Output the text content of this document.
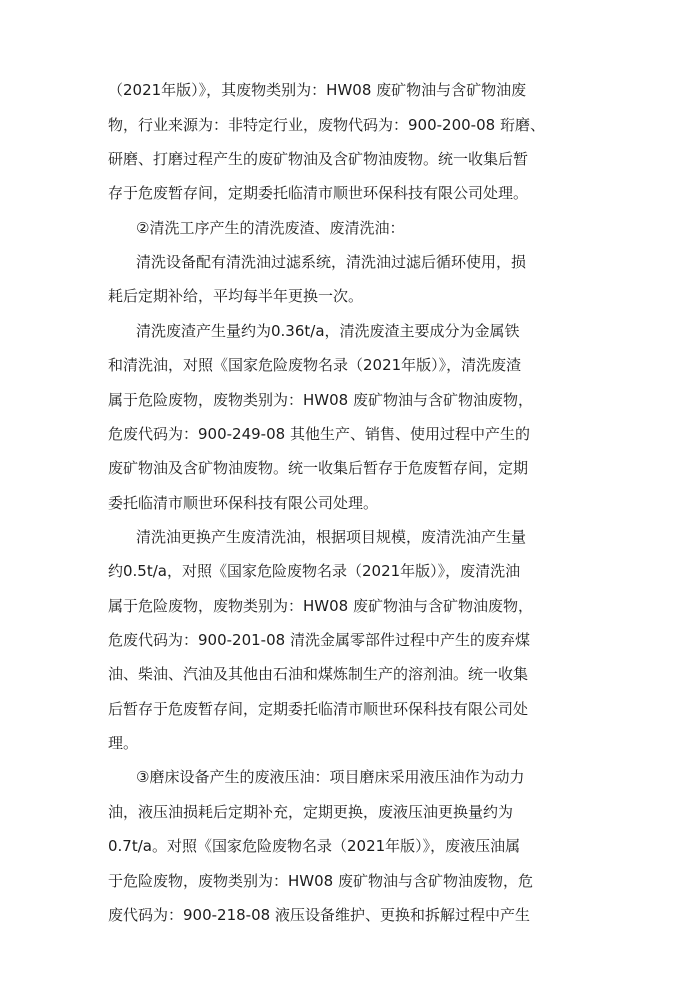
（2021年版）》，其废物类别为：HW08 废矿物油与含矿物油废
物，行业来源为：非特定行业，废物代码为：900-200-08 珩磨、
研磨、打磨过程产生的废矿物油及含矿物油废物。统一收集后暂
存于危废暂存间，定期委托临清市顺世环保科技有限公司处理。
②清洗工序产生的清洗废渣、废清洗油：
清洗设备配有清洗油过滤系统，清洗油过滤后循环使用，损
耗后定期补给，平均每半年更换一次。
清洗废渣产生量约为0.36t/a，清洗废渣主要成分为金属铁
和清洗油，对照《国家危险废物名录（2021年版）》，清洗废渣
属于危险废物，废物类别为：HW08 废矿物油与含矿物油废物，
危废代码为：900-249-08 其他生产、销售、使用过程中产生的
废矿物油及含矿物油废物。统一收集后暂存于危废暂存间，定期
委托临清市顺世环保科技有限公司处理。
清洗油更换产生废清洗油，根据项目规模，废清洗油产生量
约0.5t/a，对照《国家危险废物名录（2021年版）》，废清洗油
属于危险废物，废物类别为：HW08 废矿物油与含矿物油废物，
危废代码为：900-201-08 清洗金属零部件过程中产生的废弃煤
油、柴油、汽油及其他由石油和煤炼制生产的溶剂油。统一收集
后暂存于危废暂存间，定期委托临清市顺世环保科技有限公司处
理。
③磨床设备产生的废液压油：项目磨床采用液压油作为动力
油，液压油损耗后定期补充，定期更换，废液压油更换量约为
0.7t/a。对照《国家危险废物名录（2021年版）》，废液压油属
于危险废物，废物类别为：HW08 废矿物油与含矿物油废物，危
废代码为：900-218-08 液压设备维护、更换和拆解过程中产生
